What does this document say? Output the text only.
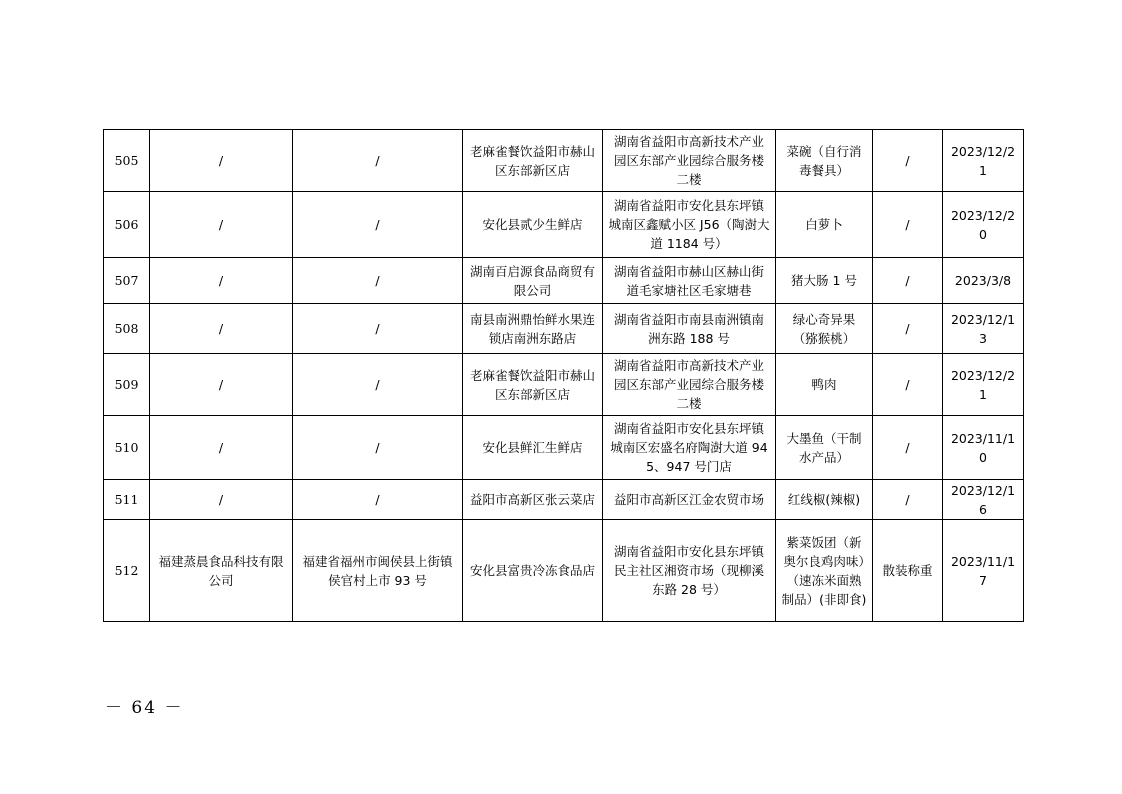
505	/	/	老麻雀餐饮益阳市赫山区东部新区店	湖南省益阳市高新技术产业园区东部产业园综合服务楼二楼	菜碗（自行消毒餐具）	/	2023/12/21
506	/	/	安化县贰少生鲜店	湖南省益阳市安化县东坪镇城南区鑫赋小区 J56（陶澍大道 1184 号）	白萝卜	/	2023/12/20
507	/	/	湖南百启源食品商贸有限公司	湖南省益阳市赫山区赫山街道毛家塘社区毛家塘巷	猪大肠 1 号	/	2023/3/8
508	/	/	南县南洲鼎怡鲜水果连锁店南洲东路店	湖南省益阳市南县南洲镇南洲东路 188 号	绿心奇异果（猕猴桃）	/	2023/12/13
509	/	/	老麻雀餐饮益阳市赫山区东部新区店	湖南省益阳市高新技术产业园区东部产业园综合服务楼二楼	鸭肉	/	2023/12/21
510	/	/	安化县鲜汇生鲜店	湖南省益阳市安化县东坪镇城南区宏盛名府陶澍大道 945、947 号门店	大墨鱼（干制水产品）	/	2023/11/10
511	/	/	益阳市高新区张云菜店	益阳市高新区江金农贸市场	红线椒(辣椒)	/	2023/12/16
512	福建蒸晨食品科技有限公司	福建省福州市闽侯县上街镇侯官村上市 93 号	安化县富贵冷冻食品店	湖南省益阳市安化县东坪镇民主社区湘资市场（现柳溪东路 28 号）	紫菜饭团（新奥尔良鸡肉味）（速冻米面熟制品）(非即食)	散装称重	2023/11/17
－ 64 －
